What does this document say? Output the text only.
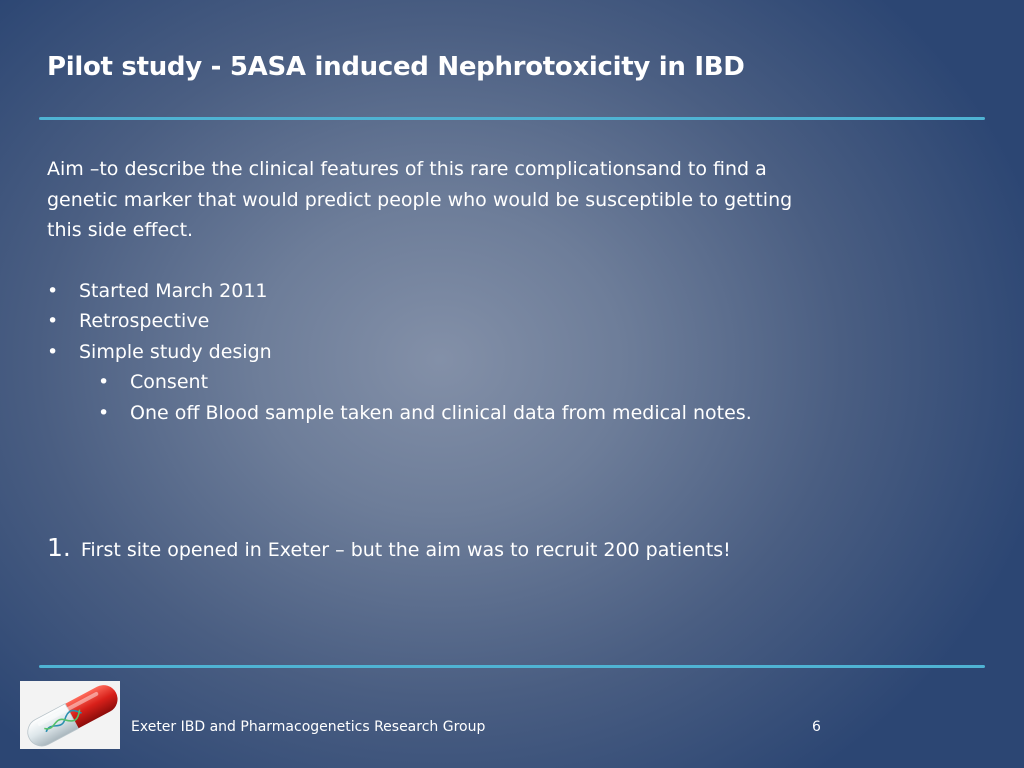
Pilot study - 5ASA induced Nephrotoxicity in IBD

Aim –to describe the clinical features of this rare complicationsand to find a
genetic marker that would predict people who would be susceptible to getting
this side effect.

• Started March 2011
• Retrospective
• Simple study design
• Consent
• One off Blood sample taken and clinical data from medical notes.
1. First site opened in Exeter – but the aim was to recruit 200 patients!
Exeter IBD and Pharmacogenetics Research Group	6
